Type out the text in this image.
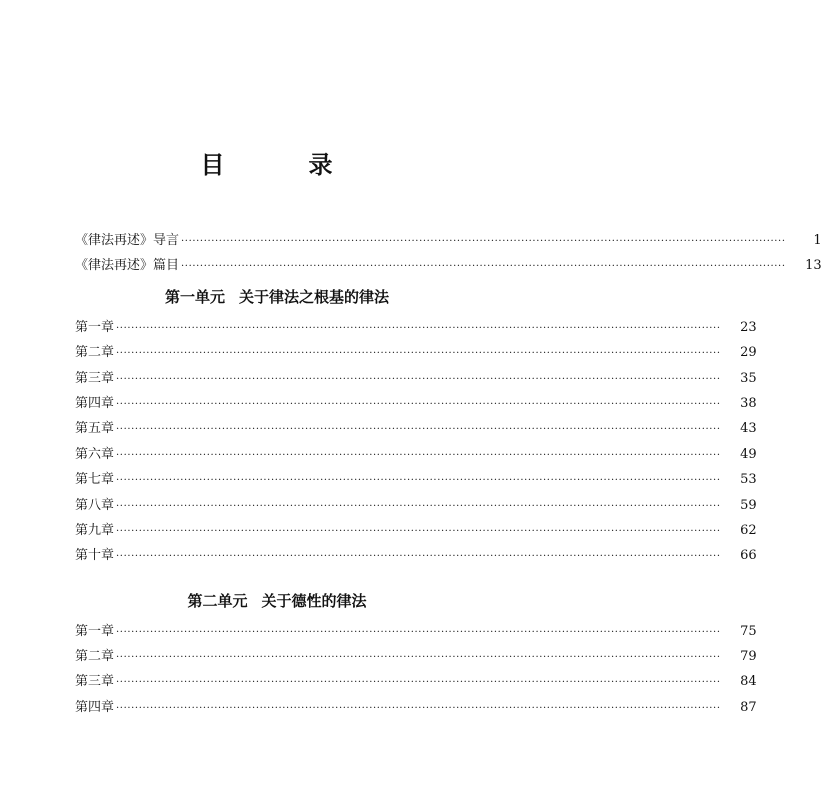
目　录
《律法再述》导言 ································································································································································	1
《律法再述》篇目 ································································································································································	13
第一单元 关于律法之根基的律法
第一章 ································································································································································	23
第二章 ································································································································································	29
第三章 ································································································································································	35
第四章 ································································································································································	38
第五章 ································································································································································	43
第六章 ································································································································································	49
第七章 ································································································································································	53
第八章 ································································································································································	59
第九章 ································································································································································	62
第十章 ································································································································································	66
第二单元 关于德性的律法
第一章 ································································································································································	75
第二章 ································································································································································	79
第三章 ································································································································································	84
第四章 ································································································································································	87
